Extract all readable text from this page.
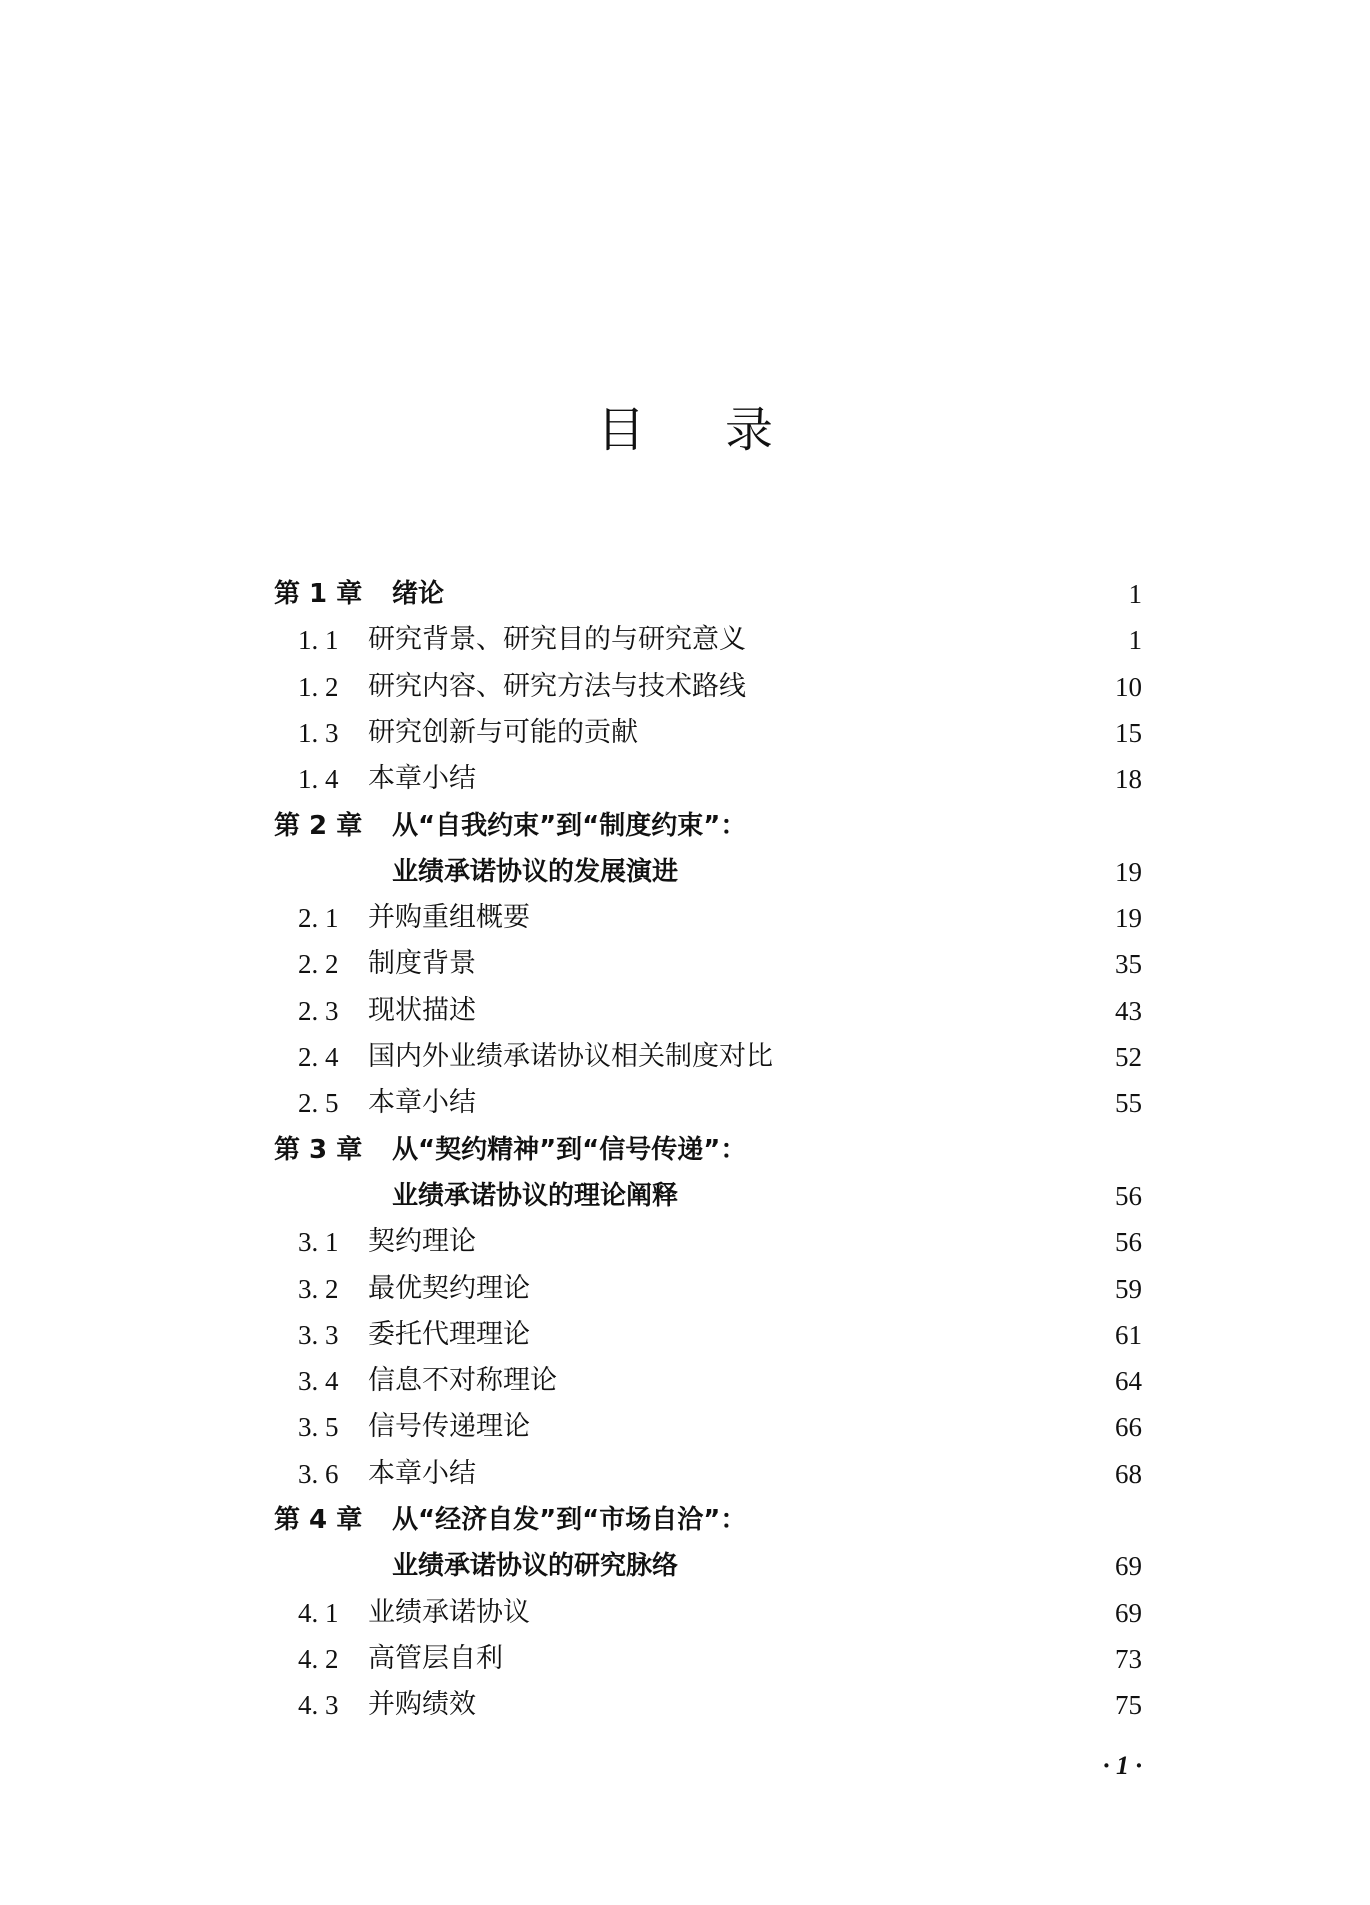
目 录
第 1 章	绪论	1
1. 1	研究背景、研究目的与研究意义	1
1. 2	研究内容、研究方法与技术路线	10
1. 3	研究创新与可能的贡献	15
1. 4	本章小结	18
第 2 章	从“自我约束”到“制度约束”：
业绩承诺协议的发展演进	19
2. 1	并购重组概要	19
2. 2	制度背景	35
2. 3	现状描述	43
2. 4	国内外业绩承诺协议相关制度对比	52
2. 5	本章小结	55
第 3 章	从“契约精神”到“信号传递”：
业绩承诺协议的理论阐释	56
3. 1	契约理论	56
3. 2	最优契约理论	59
3. 3	委托代理理论	61
3. 4	信息不对称理论	64
3. 5	信号传递理论	66
3. 6	本章小结	68
第 4 章	从“经济自发”到“市场自洽”：
业绩承诺协议的研究脉络	69
4. 1	业绩承诺协议	69
4. 2	高管层自利	73
4. 3	并购绩效	75
· 1 ·
